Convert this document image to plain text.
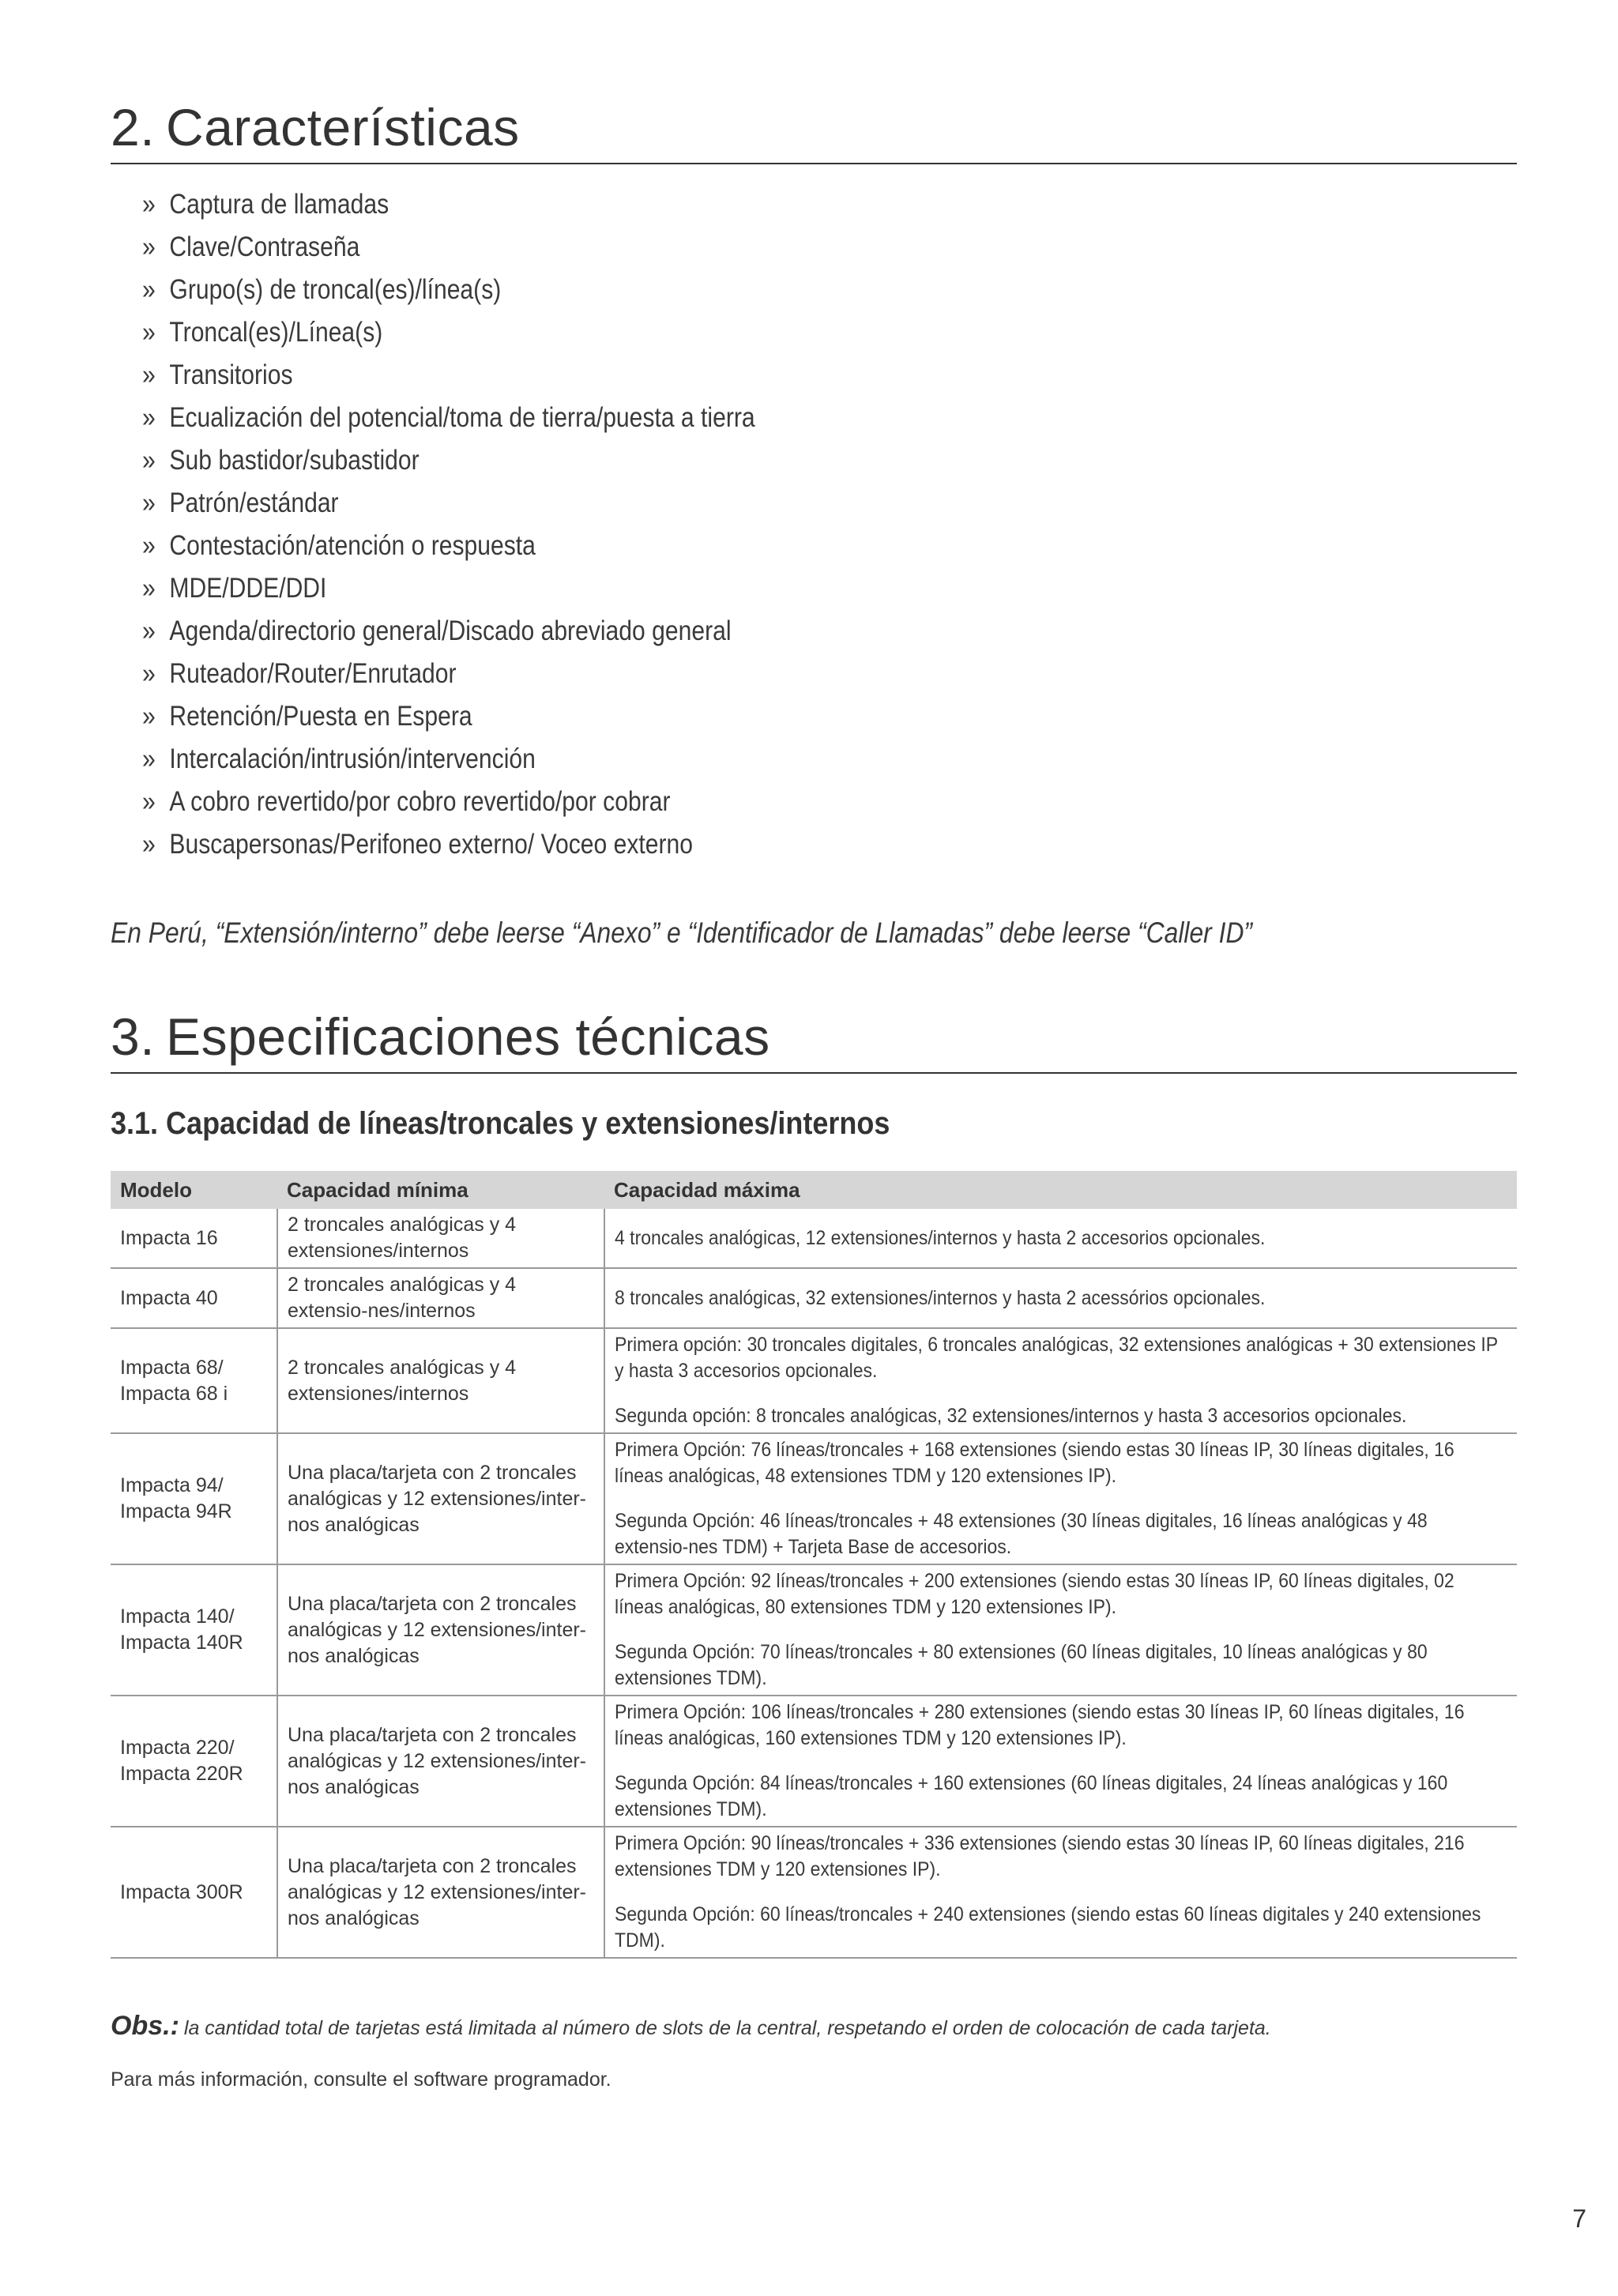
2. Características
» Captura de llamadas
» Clave/Contraseña
» Grupo(s) de troncal(es)/línea(s)
» Troncal(es)/Línea(s)
» Transitorios
» Ecualización del potencial/toma de tierra/puesta a tierra
» Sub bastidor/subastidor
» Patrón/estándar
» Contestación/atención o respuesta
» MDE/DDE/DDI
» Agenda/directorio general/Discado abreviado general
» Ruteador/Router/Enrutador
» Retención/Puesta en Espera
» Intercalación/intrusión/intervención
» A cobro revertido/por cobro revertido/por cobrar
» Buscapersonas/Perifoneo externo/ Voceo externo
En Perú, “Extensión/interno” debe leerse “Anexo” e “Identificador de Llamadas” debe leerse “Caller ID”
3. Especificaciones técnicas
3.1. Capacidad de líneas/troncales y extensiones/internos
Modelo	Capacidad mínima	Capacidad máxima
Impacta 16	2 troncales analógicas y 4 extensiones/internos	4 troncales analógicas, 12 extensiones/internos y hasta 2 accesorios opcionales.

Impacta 40	2 troncales analógicas y 4 extensio-nes/internos	8 troncales analógicas, 32 extensiones/internos y hasta 2 acessórios opcionales.

Impacta 68/ Impacta 68 i	2 troncales analógicas y 4 extensiones/internos	Primera opción: 30 troncales digitales, 6 troncales analógicas, 32 extensiones analógicas + 30 extensiones IP y hasta 3 accesorios opcionales.

Segunda opción: 8 troncales analógicas, 32 extensiones/internos y hasta 3 accesorios opcionales.

Impacta 94/ Impacta 94R	Una placa/tarjeta con 2 troncales analógicas y 12 extensiones/inter-nos analógicas	Primera Opción: 76 líneas/troncales + 168 extensiones (siendo estas 30 líneas IP, 30 líneas digitales, 16 líneas analógicas, 48 extensiones TDM y 120 extensiones IP).

Segunda Opción: 46 líneas/troncales + 48 extensiones (30 líneas digitales, 16 líneas analógicas y 48 extensio-nes TDM) + Tarjeta Base de accesorios.

Impacta 140/ Impacta 140R	Una placa/tarjeta con 2 troncales analógicas y 12 extensiones/inter-nos analógicas	Primera Opción: 92 líneas/troncales + 200 extensiones (siendo estas 30 líneas IP, 60 líneas digitales, 02 líneas analógicas, 80 extensiones TDM y 120 extensiones IP).

Segunda Opción: 70 líneas/troncales + 80 extensiones (60 líneas digitales, 10 líneas analógicas y 80 extensiones TDM).

Impacta 220/ Impacta 220R	Una placa/tarjeta con 2 troncales analógicas y 12 extensiones/inter-nos analógicas	Primera Opción: 106 líneas/troncales + 280 extensiones (siendo estas 30 líneas IP, 60 líneas digitales, 16 líneas analógicas, 160 extensiones TDM y 120 extensiones IP).

Segunda Opción: 84 líneas/troncales + 160 extensiones (60 líneas digitales, 24 líneas analógicas y 160 extensiones TDM).

Impacta 300R	Una placa/tarjeta con 2 troncales analógicas y 12 extensiones/inter-nos analógicas	Primera Opción: 90 líneas/troncales + 336 extensiones (siendo estas 30 líneas IP, 60 líneas digitales, 216 extensiones TDM y 120 extensiones IP).

Segunda Opción: 60 líneas/troncales + 240 extensiones (siendo estas 60 líneas digitales y 240 extensiones TDM).

Obs.: la cantidad total de tarjetas está limitada al número de slots de la central, respetando el orden de colocación de cada tarjeta.
Para más información, consulte el software programador.
7
